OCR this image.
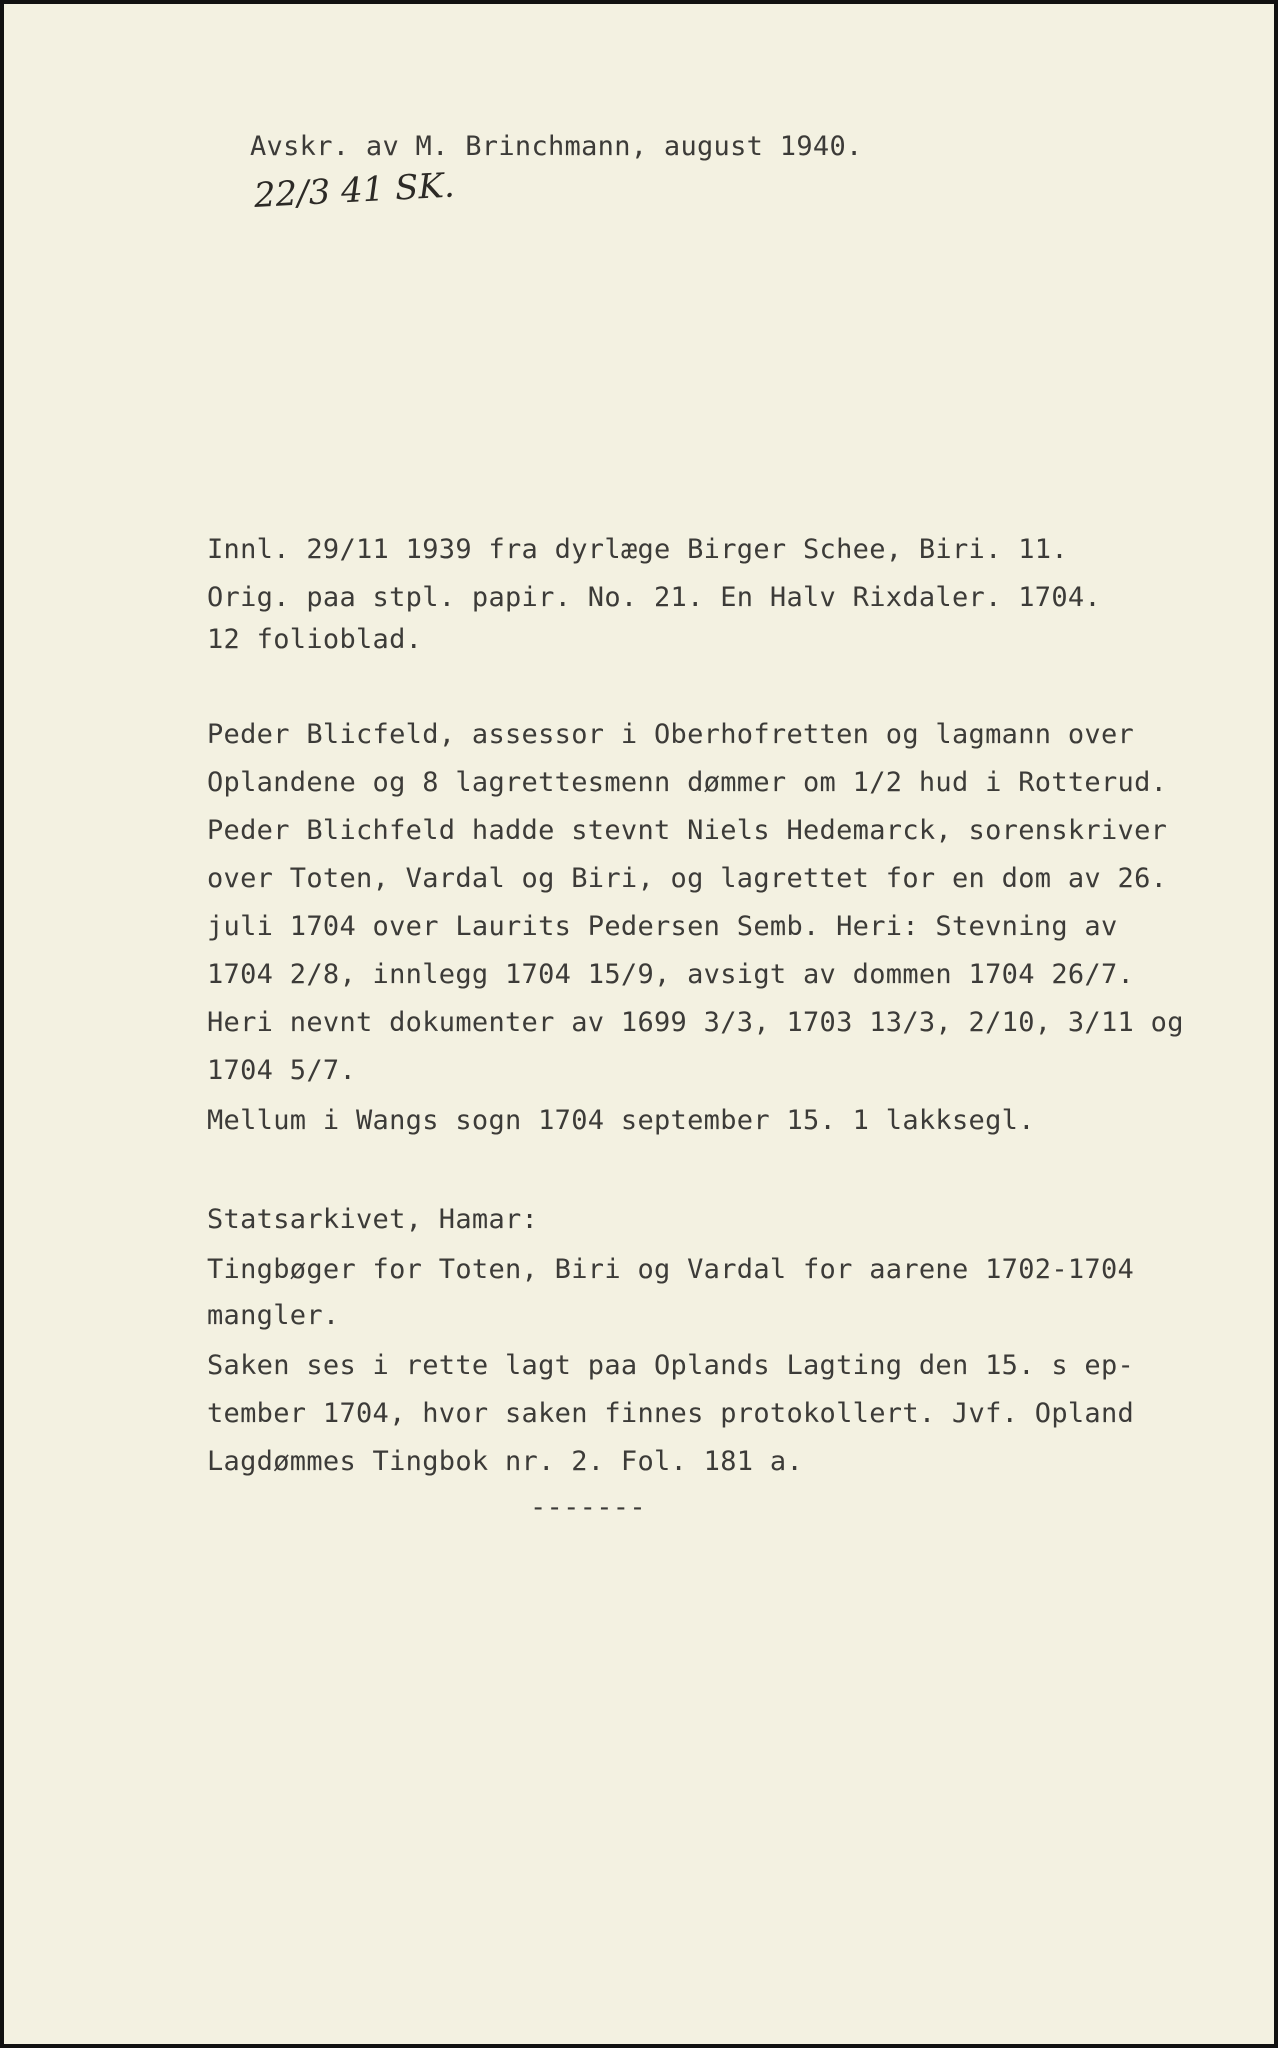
Avskr. av M. Brinchmann, august 1940.

22/3 41 SK.

Innl. 29/11 1939 fra dyrlæge Birger Schee, Biri. 11.

Orig. paa stpl. papir. No. 21. En Halv Rixdaler. 1704.

12 folioblad.

Peder Blicfeld, assessor i Oberhofretten og lagmann over

Oplandene og 8 lagrettesmenn dømmer om 1/2 hud i Rotterud.

Peder Blichfeld hadde stevnt Niels Hedemarck, sorenskriver

over Toten, Vardal og Biri, og lagrettet for en dom av 26.

juli 1704 over Laurits Pedersen Semb. Heri: Stevning av

1704 2/8, innlegg 1704 15/9, avsigt av dommen 1704 26/7.

Heri nevnt dokumenter av 1699 3/3, 1703 13/3, 2/10, 3/11 og

1704 5/7.

Mellum i Wangs sogn 1704 september 15. 1 lakksegl.

Statsarkivet, Hamar:

Tingbøger for Toten, Biri og Vardal for aarene 1702-1704

mangler.

Saken ses i rette lagt paa Oplands Lagting den 15. s ep-

tember 1704, hvor saken finnes protokollert. Jvf. Opland

Lagdømmes Tingbok nr. 2. Fol. 181 a.

-------
